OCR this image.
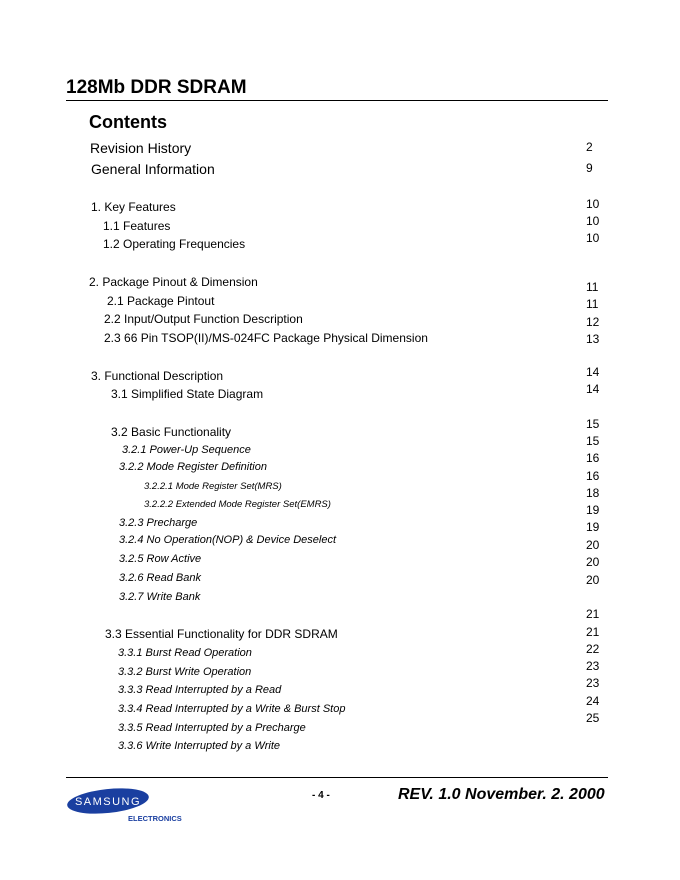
128Mb DDR SDRAM
Contents
Revision History
General Information
1. Key Features
1.1 Features
1.2 Operating Frequencies
2. Package Pinout & Dimension
2.1 Package Pintout
2.2 Input/Output Function Description
2.3 66 Pin TSOP(II)/MS-024FC Package Physical Dimension
3. Functional Description
3.1 Simplified State Diagram
3.2 Basic Functionality
3.2.1 Power-Up Sequence
3.2.2 Mode Register Definition
3.2.2.1 Mode Register Set(MRS)
3.2.2.2 Extended Mode Register Set(EMRS)
3.2.3 Precharge
3.2.4 No Operation(NOP) & Device Deselect
3.2.5 Row Active
3.2.6 Read Bank
3.2.7 Write Bank
3.3 Essential Functionality for DDR SDRAM
3.3.1 Burst Read Operation
3.3.2 Burst Write Operation
3.3.3 Read Interrupted by a Read
3.3.4 Read Interrupted by a Write & Burst Stop
3.3.5 Read Interrupted by a Precharge
3.3.6 Write Interrupted by a Write
2
9
10
10
10
11
11
12
13
14
14
15
15
16
16
18
19
19
20
20
20
21
21
22
23
23
24
25
SAMSUNG
ELECTRONICS
- 4 -	REV. 1.0 November. 2. 2000
